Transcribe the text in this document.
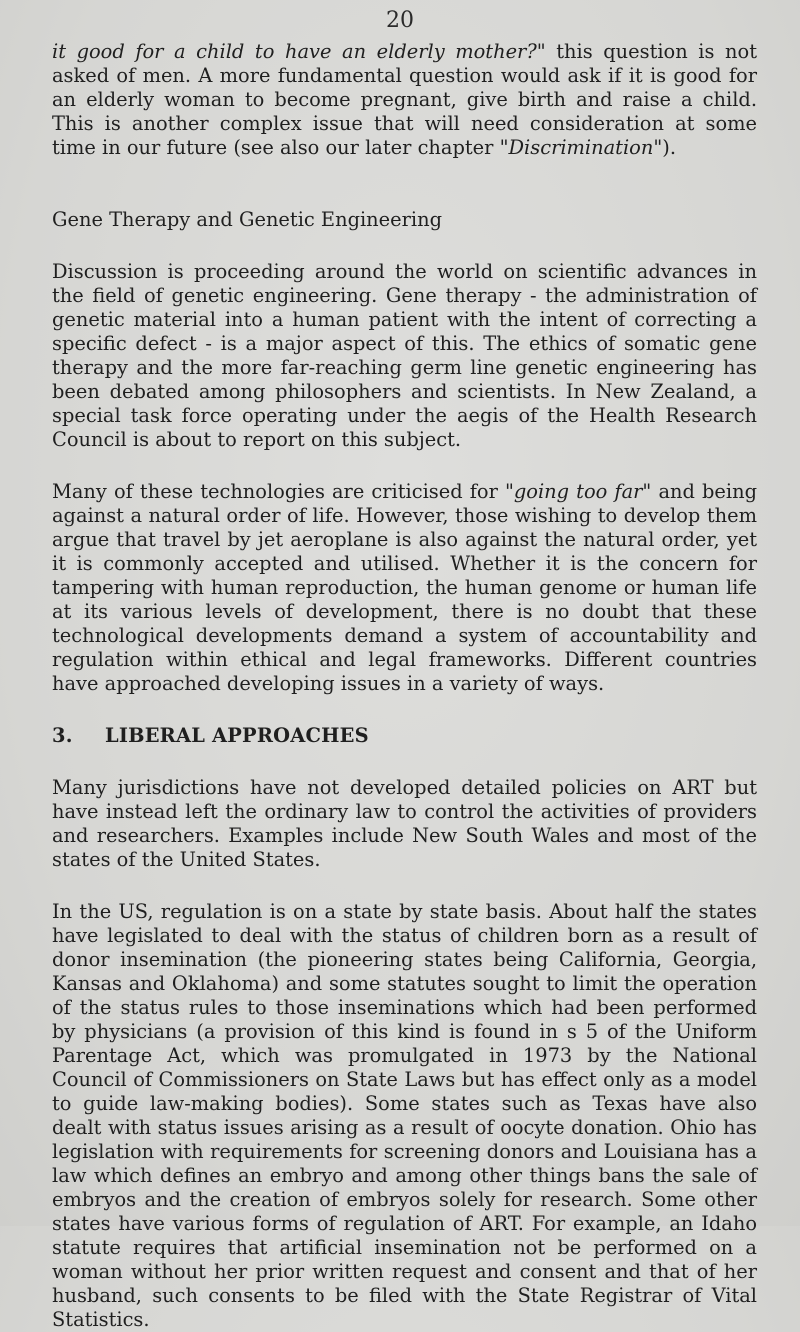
20

it good for a child to have an elderly mother?" this question is not asked of men. A more fundamental question would ask if it is good for an elderly woman to become pregnant, give birth and raise a child. This is another complex issue that will need consideration at some time in our future (see also our later chapter "Discrimination").

Gene Therapy and Genetic Engineering

Discussion is proceeding around the world on scientific advances in the field of genetic engineering. Gene therapy - the administration of genetic material into a human patient with the intent of correcting a specific defect - is a major aspect of this. The ethics of somatic gene therapy and the more far-reaching germ line genetic engineering has been debated among philosophers and scientists. In New Zealand, a special task force operating under the aegis of the Health Research Council is about to report on this subject.

Many of these technologies are criticised for "going too far" and being against a natural order of life. However, those wishing to develop them argue that travel by jet aeroplane is also against the natural order, yet it is commonly accepted and utilised. Whether it is the concern for tampering with human reproduction, the human genome or human life at its various levels of development, there is no doubt that these technological developments demand a system of accountability and regulation within ethical and legal frameworks. Different countries have approached developing issues in a variety of ways.

3.	LIBERAL APPROACHES

Many jurisdictions have not developed detailed policies on ART but have instead left the ordinary law to control the activities of providers and researchers. Examples include New South Wales and most of the states of the United States.

In the US, regulation is on a state by state basis. About half the states have legislated to deal with the status of children born as a result of donor insemination (the pioneering states being California, Georgia, Kansas and Oklahoma) and some statutes sought to limit the operation of the status rules to those inseminations which had been performed by physicians (a provision of this kind is found in s 5 of the Uniform Parentage Act, which was promulgated in 1973 by the National Council of Commissioners on State Laws but has effect only as a model to guide law-making bodies). Some states such as Texas have also dealt with status issues arising as a result of oocyte donation. Ohio has legislation with requirements for screening donors and Louisiana has a law which defines an embryo and among other things bans the sale of embryos and the creation of embryos solely for research. Some other states have various forms of regulation of ART. For example, an Idaho statute requires that artificial insemination not be performed on a woman without her prior written request and consent and that of her husband, such consents to be filed with the State Registrar of Vital Statistics.
